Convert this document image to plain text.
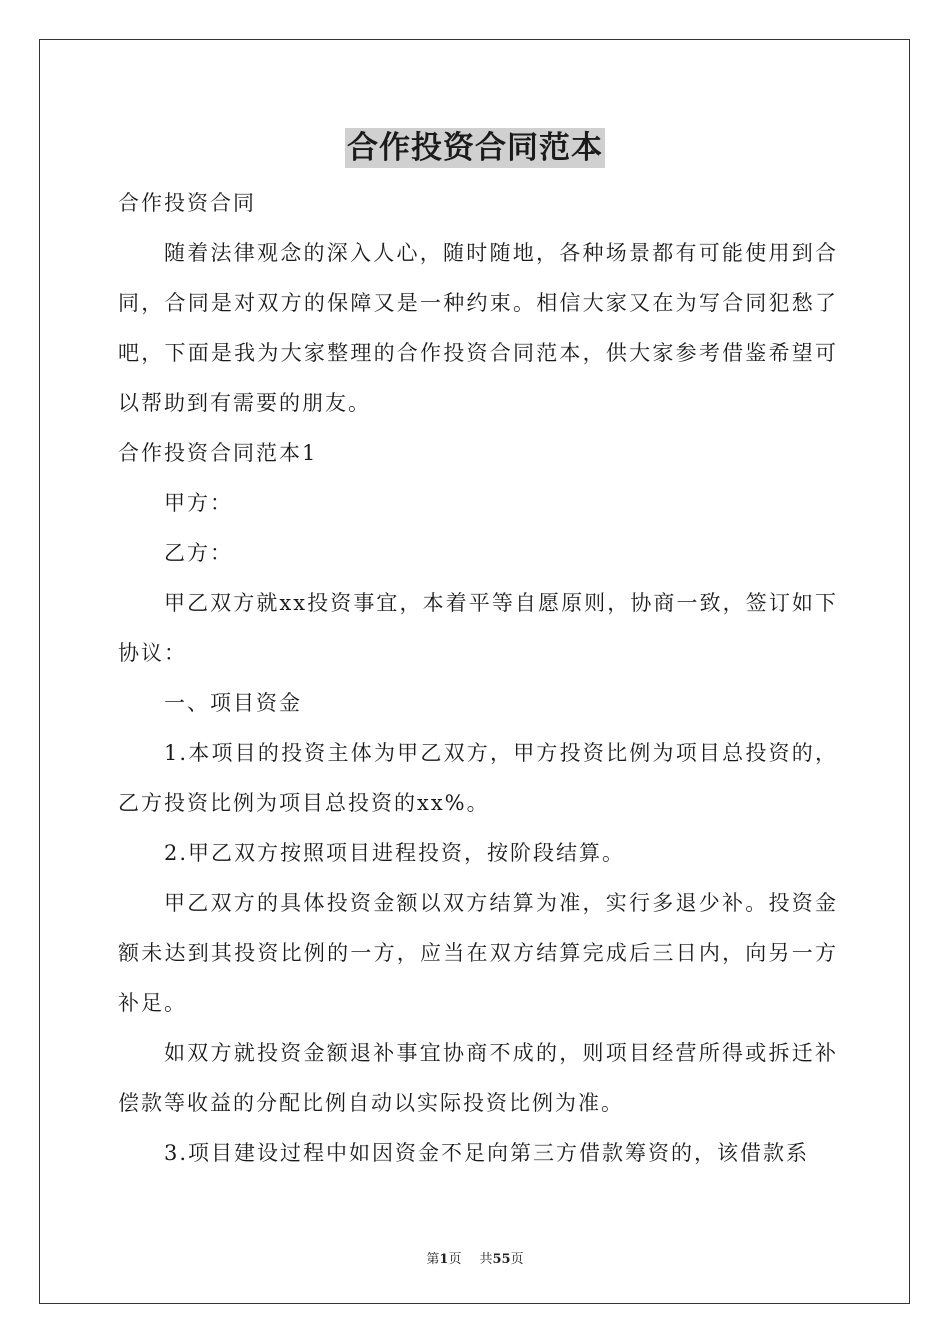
合作投资合同范本

合作投资合同

随着法律观念的深入人心，随时随地，各种场景都有可能使用到合同，合同是对双方的保障又是一种约束。相信大家又在为写合同犯愁了吧，下面是我为大家整理的合作投资合同范本，供大家参考借鉴希望可以帮助到有需要的朋友。

合作投资合同范本1

甲方：

乙方：

甲乙双方就xx投资事宜，本着平等自愿原则，协商一致，签订如下协议：

一、项目资金

1.本项目的投资主体为甲乙双方，甲方投资比例为项目总投资的，乙方投资比例为项目总投资的xx%。

2.甲乙双方按照项目进程投资，按阶段结算。

甲乙双方的具体投资金额以双方结算为准，实行多退少补。投资金额未达到其投资比例的一方，应当在双方结算完成后三日内，向另一方补足。

如双方就投资金额退补事宜协商不成的，则项目经营所得或拆迁补偿款等收益的分配比例自动以实际投资比例为准。

3.项目建设过程中如因资金不足向第三方借款筹资的，该借款系

第1页 共55页
